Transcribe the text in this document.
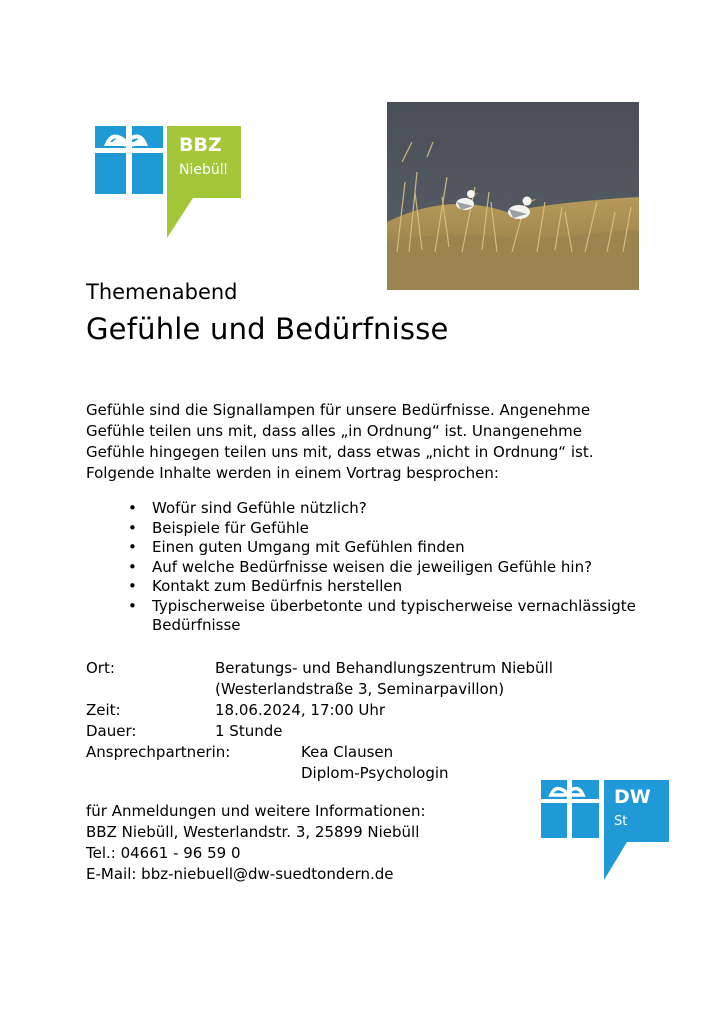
BBZ
Niebüll
Themenabend
Gefühle und Bedürfnisse
Gefühle sind die Signallampen für unsere Bedürfnisse. Angenehme Gefühle teilen uns mit, dass alles „in Ordnung“ ist. Unangenehme Gefühle hingegen teilen uns mit, dass etwas „nicht in Ordnung“ ist. Folgende Inhalte werden in einem Vortrag besprochen:
• Wofür sind Gefühle nützlich?
• Beispiele für Gefühle
• Einen guten Umgang mit Gefühlen finden
• Auf welche Bedürfnisse weisen die jeweiligen Gefühle hin?
• Kontakt zum Bedürfnis herstellen
• Typischerweise überbetonte und typischerweise vernachlässigte Bedürfnisse
Ort:	Beratungs- und Behandlungszentrum Niebüll
(Westerlandstraße 3, Seminarpavillon)
Zeit:	18.06.2024, 17:00 Uhr
Dauer:	1 Stunde
Ansprechpartnerin:	Kea Clausen
Diplom-Psychologin
für Anmeldungen und weitere Informationen:
BBZ Niebüll, Westerlandstr. 3, 25899 Niebüll
Tel.: 04661 - 96 59 0
E-Mail: bbz-niebuell@dw-suedtondern.de
DW
St
